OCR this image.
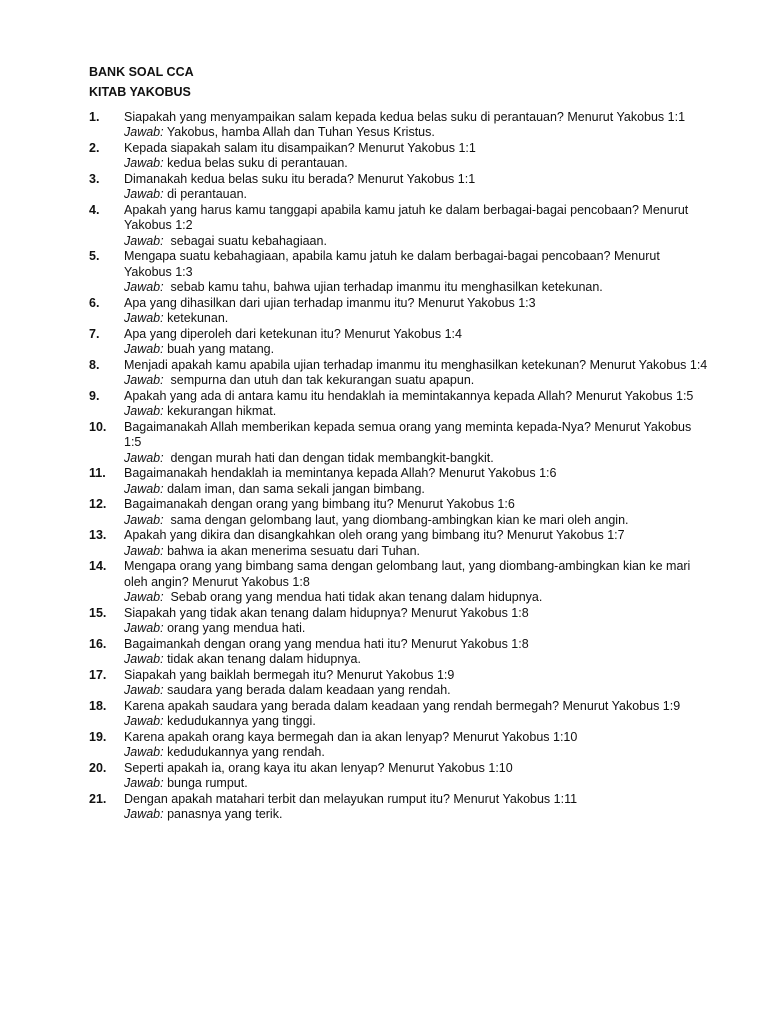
BANK SOAL CCA
KITAB YAKOBUS
1. Siapakah yang menyampaikan salam kepada kedua belas suku di perantauan? Menurut Yakobus 1:1
Jawab: Yakobus, hamba Allah dan Tuhan Yesus Kristus.
2. Kepada siapakah salam itu disampaikan? Menurut Yakobus 1:1
Jawab: kedua belas suku di perantauan.
3. Dimanakah kedua belas suku itu berada? Menurut Yakobus 1:1
Jawab: di perantauan.
4. Apakah yang harus kamu tanggapi apabila kamu jatuh ke dalam berbagai-bagai pencobaan? Menurut Yakobus 1:2
Jawab:  sebagai suatu kebahagiaan.
5. Mengapa suatu kebahagiaan, apabila kamu jatuh ke dalam berbagai-bagai pencobaan? Menurut Yakobus 1:3
Jawab:  sebab kamu tahu, bahwa ujian terhadap imanmu itu menghasilkan ketekunan.
6. Apa yang dihasilkan dari ujian terhadap imanmu itu? Menurut Yakobus 1:3
Jawab: ketekunan.
7. Apa yang diperoleh dari ketekunan itu? Menurut Yakobus 1:4
Jawab: buah yang matang.
8. Menjadi apakah kamu apabila ujian terhadap imanmu itu menghasilkan ketekunan? Menurut Yakobus 1:4
Jawab:  sempurna dan utuh dan tak kekurangan suatu apapun.
9. Apakah yang ada di antara kamu itu hendaklah ia memintakannya kepada Allah? Menurut Yakobus 1:5
Jawab: kekurangan hikmat.
10. Bagaimanakah Allah memberikan kepada semua orang yang meminta kepada-Nya? Menurut Yakobus 1:5
Jawab:  dengan murah hati dan dengan tidak membangkit-bangkit.
11. Bagaimanakah hendaklah ia memintanya kepada Allah? Menurut Yakobus 1:6
Jawab: dalam iman, dan sama sekali jangan bimbang.
12. Bagaimanakah dengan orang yang bimbang itu? Menurut Yakobus 1:6
Jawab:  sama dengan gelombang laut, yang diombang-ambingkan kian ke mari oleh angin.
13. Apakah yang dikira dan disangkahkan oleh orang yang bimbang itu? Menurut Yakobus 1:7
Jawab: bahwa ia akan menerima sesuatu dari Tuhan.
14. Mengapa orang yang bimbang sama dengan gelombang laut, yang diombang-ambingkan kian ke mari oleh angin? Menurut Yakobus 1:8
Jawab:  Sebab orang yang mendua hati tidak akan tenang dalam hidupnya.
15. Siapakah yang tidak akan tenang dalam hidupnya? Menurut Yakobus 1:8
Jawab: orang yang mendua hati.
16. Bagaimankah dengan orang yang mendua hati itu? Menurut Yakobus 1:8
Jawab: tidak akan tenang dalam hidupnya.
17. Siapakah yang baiklah bermegah itu? Menurut Yakobus 1:9
Jawab: saudara yang berada dalam keadaan yang rendah.
18. Karena apakah saudara yang berada dalam keadaan yang rendah bermegah? Menurut Yakobus 1:9
Jawab: kedudukannya yang tinggi.
19. Karena apakah orang kaya bermegah dan ia akan lenyap? Menurut Yakobus 1:10
Jawab: kedudukannya yang rendah.
20. Seperti apakah ia, orang kaya itu akan lenyap? Menurut Yakobus 1:10
Jawab: bunga rumput.
21. Dengan apakah matahari terbit dan melayukan rumput itu? Menurut Yakobus 1:11
Jawab: panasnya yang terik.
